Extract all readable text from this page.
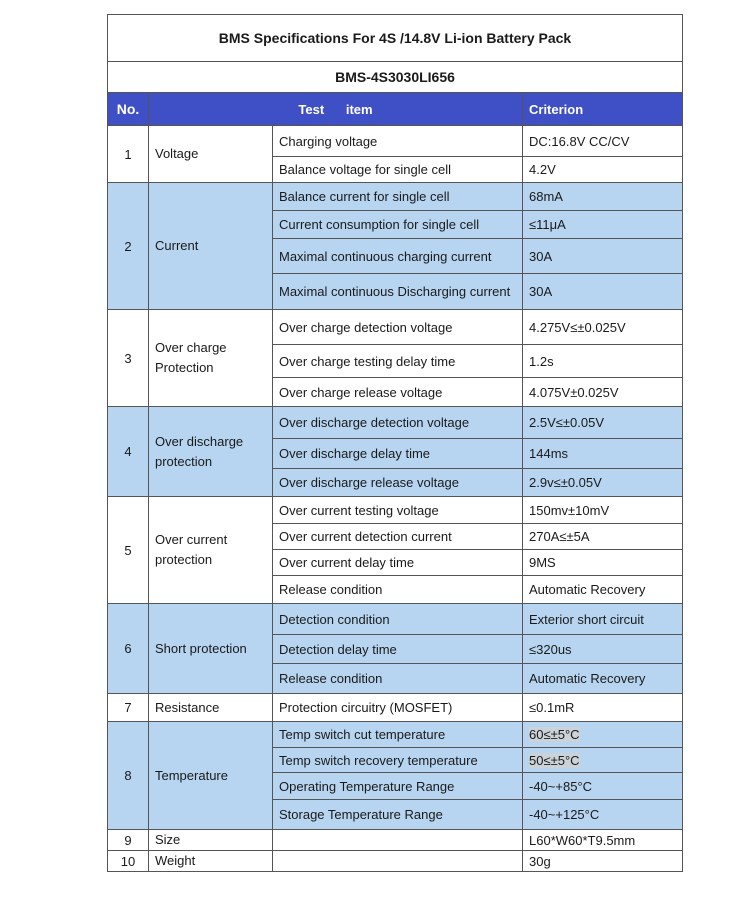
BMS Specifications For 4S /14.8V Li-ion Battery Pack			
BMS-4S3030LI656			
No.	Test      item		Criterion
1	Voltage	Charging voltage	DC:16.8V CC/CV
		Balance voltage for single cell	4.2V
2	Current	Balance current for single cell	68mA
		Current consumption for single cell	≤11μA
		Maximal continuous charging current	30A
		Maximal continuous Discharging current	30A
3	Over charge Protection	Over charge detection voltage	4.275V≤±0.025V
		Over charge testing delay time	1.2s
		Over charge release voltage	4.075V±0.025V
4	Over discharge protection	Over discharge detection voltage	2.5V≤±0.05V
		Over discharge delay time	144ms
		Over discharge release voltage	2.9v≤±0.05V
5	Over current protection	Over current testing voltage	150mv±10mV
		Over current detection current	270A≤±5A
		Over current delay time	9MS
		Release condition	Automatic Recovery
6	Short protection	Detection condition	Exterior short circuit
		Detection delay time	≤320us
		Release condition	Automatic Recovery
7	Resistance	Protection circuitry (MOSFET)	≤0.1mR
8	Temperature	Temp switch cut temperature	60≤±5°C
		Temp switch recovery temperature	50≤±5°C
		Operating Temperature Range	-40~+85°C
		Storage Temperature Range	-40~+125°C
9	Size		L60*W60*T9.5mm
10	Weight		30g
